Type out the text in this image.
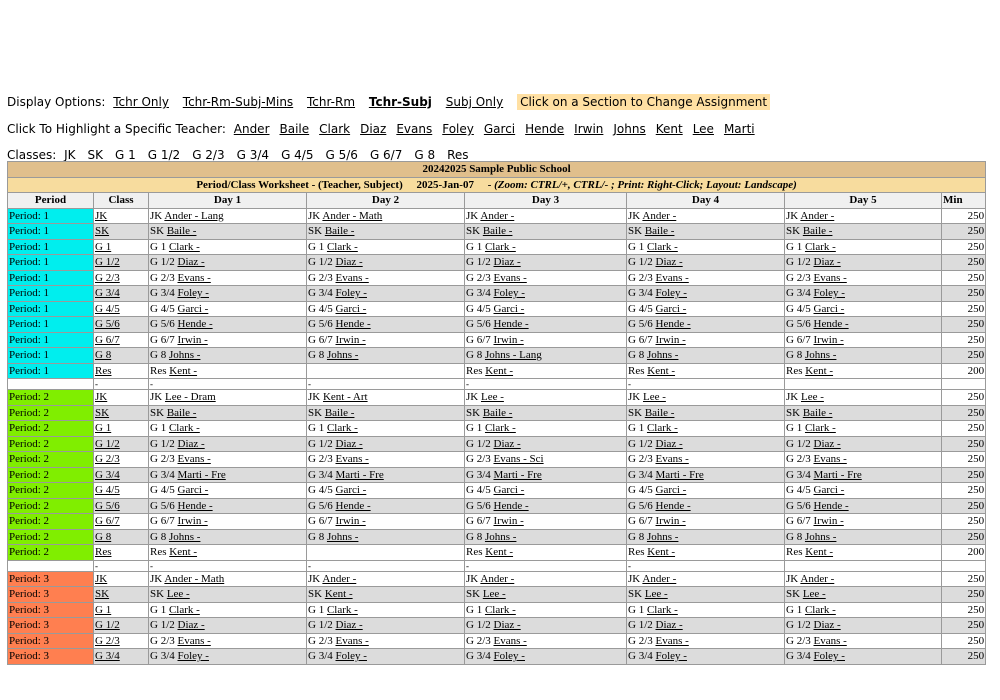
Display Options: Tchr Only Tchr-Rm-Subj-Mins Tchr-Rm Tchr-Subj Subj Only Click on a Section to Change Assignment
Click To Highlight a Specific Teacher: Ander Baile Clark Diaz Evans Foley Garci Hende Irwin Johns Kent Lee Marti
Classes: JK SK G 1 G 1/2 G 2/3 G 3/4 G 4/5 G 5/6 G 6/7 G 8 Res
20242025 Sample Public School							
Period/Class Worksheet - (Teacher, Subject) 2025-Jan-07 - (Zoom: CTRL/+, CTRL/- ; Print: Right-Click; Layout: Landscape)							
Period	Class	Day 1	Day 2	Day 3	Day 4	Day 5	Min
Period: 1	JK	JK Ander - Lang	JK Ander - Math	JK Ander -	JK Ander -	JK Ander -	250
Period: 1	SK	SK Baile -	SK Baile -	SK Baile -	SK Baile -	SK Baile -	250
Period: 1	G 1	G 1 Clark -	G 1 Clark -	G 1 Clark -	G 1 Clark -	G 1 Clark -	250
Period: 1	G 1/2	G 1/2 Diaz -	G 1/2 Diaz -	G 1/2 Diaz -	G 1/2 Diaz -	G 1/2 Diaz -	250
Period: 1	G 2/3	G 2/3 Evans -	G 2/3 Evans -	G 2/3 Evans -	G 2/3 Evans -	G 2/3 Evans -	250
Period: 1	G 3/4	G 3/4 Foley -	G 3/4 Foley -	G 3/4 Foley -	G 3/4 Foley -	G 3/4 Foley -	250
Period: 1	G 4/5	G 4/5 Garci -	G 4/5 Garci -	G 4/5 Garci -	G 4/5 Garci -	G 4/5 Garci -	250
Period: 1	G 5/6	G 5/6 Hende -	G 5/6 Hende -	G 5/6 Hende -	G 5/6 Hende -	G 5/6 Hende -	250
Period: 1	G 6/7	G 6/7 Irwin -	G 6/7 Irwin -	G 6/7 Irwin -	G 6/7 Irwin -	G 6/7 Irwin -	250
Period: 1	G 8	G 8 Johns -	G 8 Johns -	G 8 Johns - Lang	G 8 Johns -	G 8 Johns -	250
Period: 1	Res	Res Kent -		Res Kent -	Res Kent -	Res Kent -	200
	-	-	-	-	-		
Period: 2	JK	JK Lee - Dram	JK Kent - Art	JK Lee -	JK Lee -	JK Lee -	250
Period: 2	SK	SK Baile -	SK Baile -	SK Baile -	SK Baile -	SK Baile -	250
Period: 2	G 1	G 1 Clark -	G 1 Clark -	G 1 Clark -	G 1 Clark -	G 1 Clark -	250
Period: 2	G 1/2	G 1/2 Diaz -	G 1/2 Diaz -	G 1/2 Diaz -	G 1/2 Diaz -	G 1/2 Diaz -	250
Period: 2	G 2/3	G 2/3 Evans -	G 2/3 Evans -	G 2/3 Evans - Sci	G 2/3 Evans -	G 2/3 Evans -	250
Period: 2	G 3/4	G 3/4 Marti - Fre	G 3/4 Marti - Fre	G 3/4 Marti - Fre	G 3/4 Marti - Fre	G 3/4 Marti - Fre	250
Period: 2	G 4/5	G 4/5 Garci -	G 4/5 Garci -	G 4/5 Garci -	G 4/5 Garci -	G 4/5 Garci -	250
Period: 2	G 5/6	G 5/6 Hende -	G 5/6 Hende -	G 5/6 Hende -	G 5/6 Hende -	G 5/6 Hende -	250
Period: 2	G 6/7	G 6/7 Irwin -	G 6/7 Irwin -	G 6/7 Irwin -	G 6/7 Irwin -	G 6/7 Irwin -	250
Period: 2	G 8	G 8 Johns -	G 8 Johns -	G 8 Johns -	G 8 Johns -	G 8 Johns -	250
Period: 2	Res	Res Kent -		Res Kent -	Res Kent -	Res Kent -	200
	-	-	-	-	-		
Period: 3	JK	JK Ander - Math	JK Ander -	JK Ander -	JK Ander -	JK Ander -	250
Period: 3	SK	SK Lee -	SK Kent -	SK Lee -	SK Lee -	SK Lee -	250
Period: 3	G 1	G 1 Clark -	G 1 Clark -	G 1 Clark -	G 1 Clark -	G 1 Clark -	250
Period: 3	G 1/2	G 1/2 Diaz -	G 1/2 Diaz -	G 1/2 Diaz -	G 1/2 Diaz -	G 1/2 Diaz -	250
Period: 3	G 2/3	G 2/3 Evans -	G 2/3 Evans -	G 2/3 Evans -	G 2/3 Evans -	G 2/3 Evans -	250
Period: 3	G 3/4	G 3/4 Foley -	G 3/4 Foley -	G 3/4 Foley -	G 3/4 Foley -	G 3/4 Foley -	250
